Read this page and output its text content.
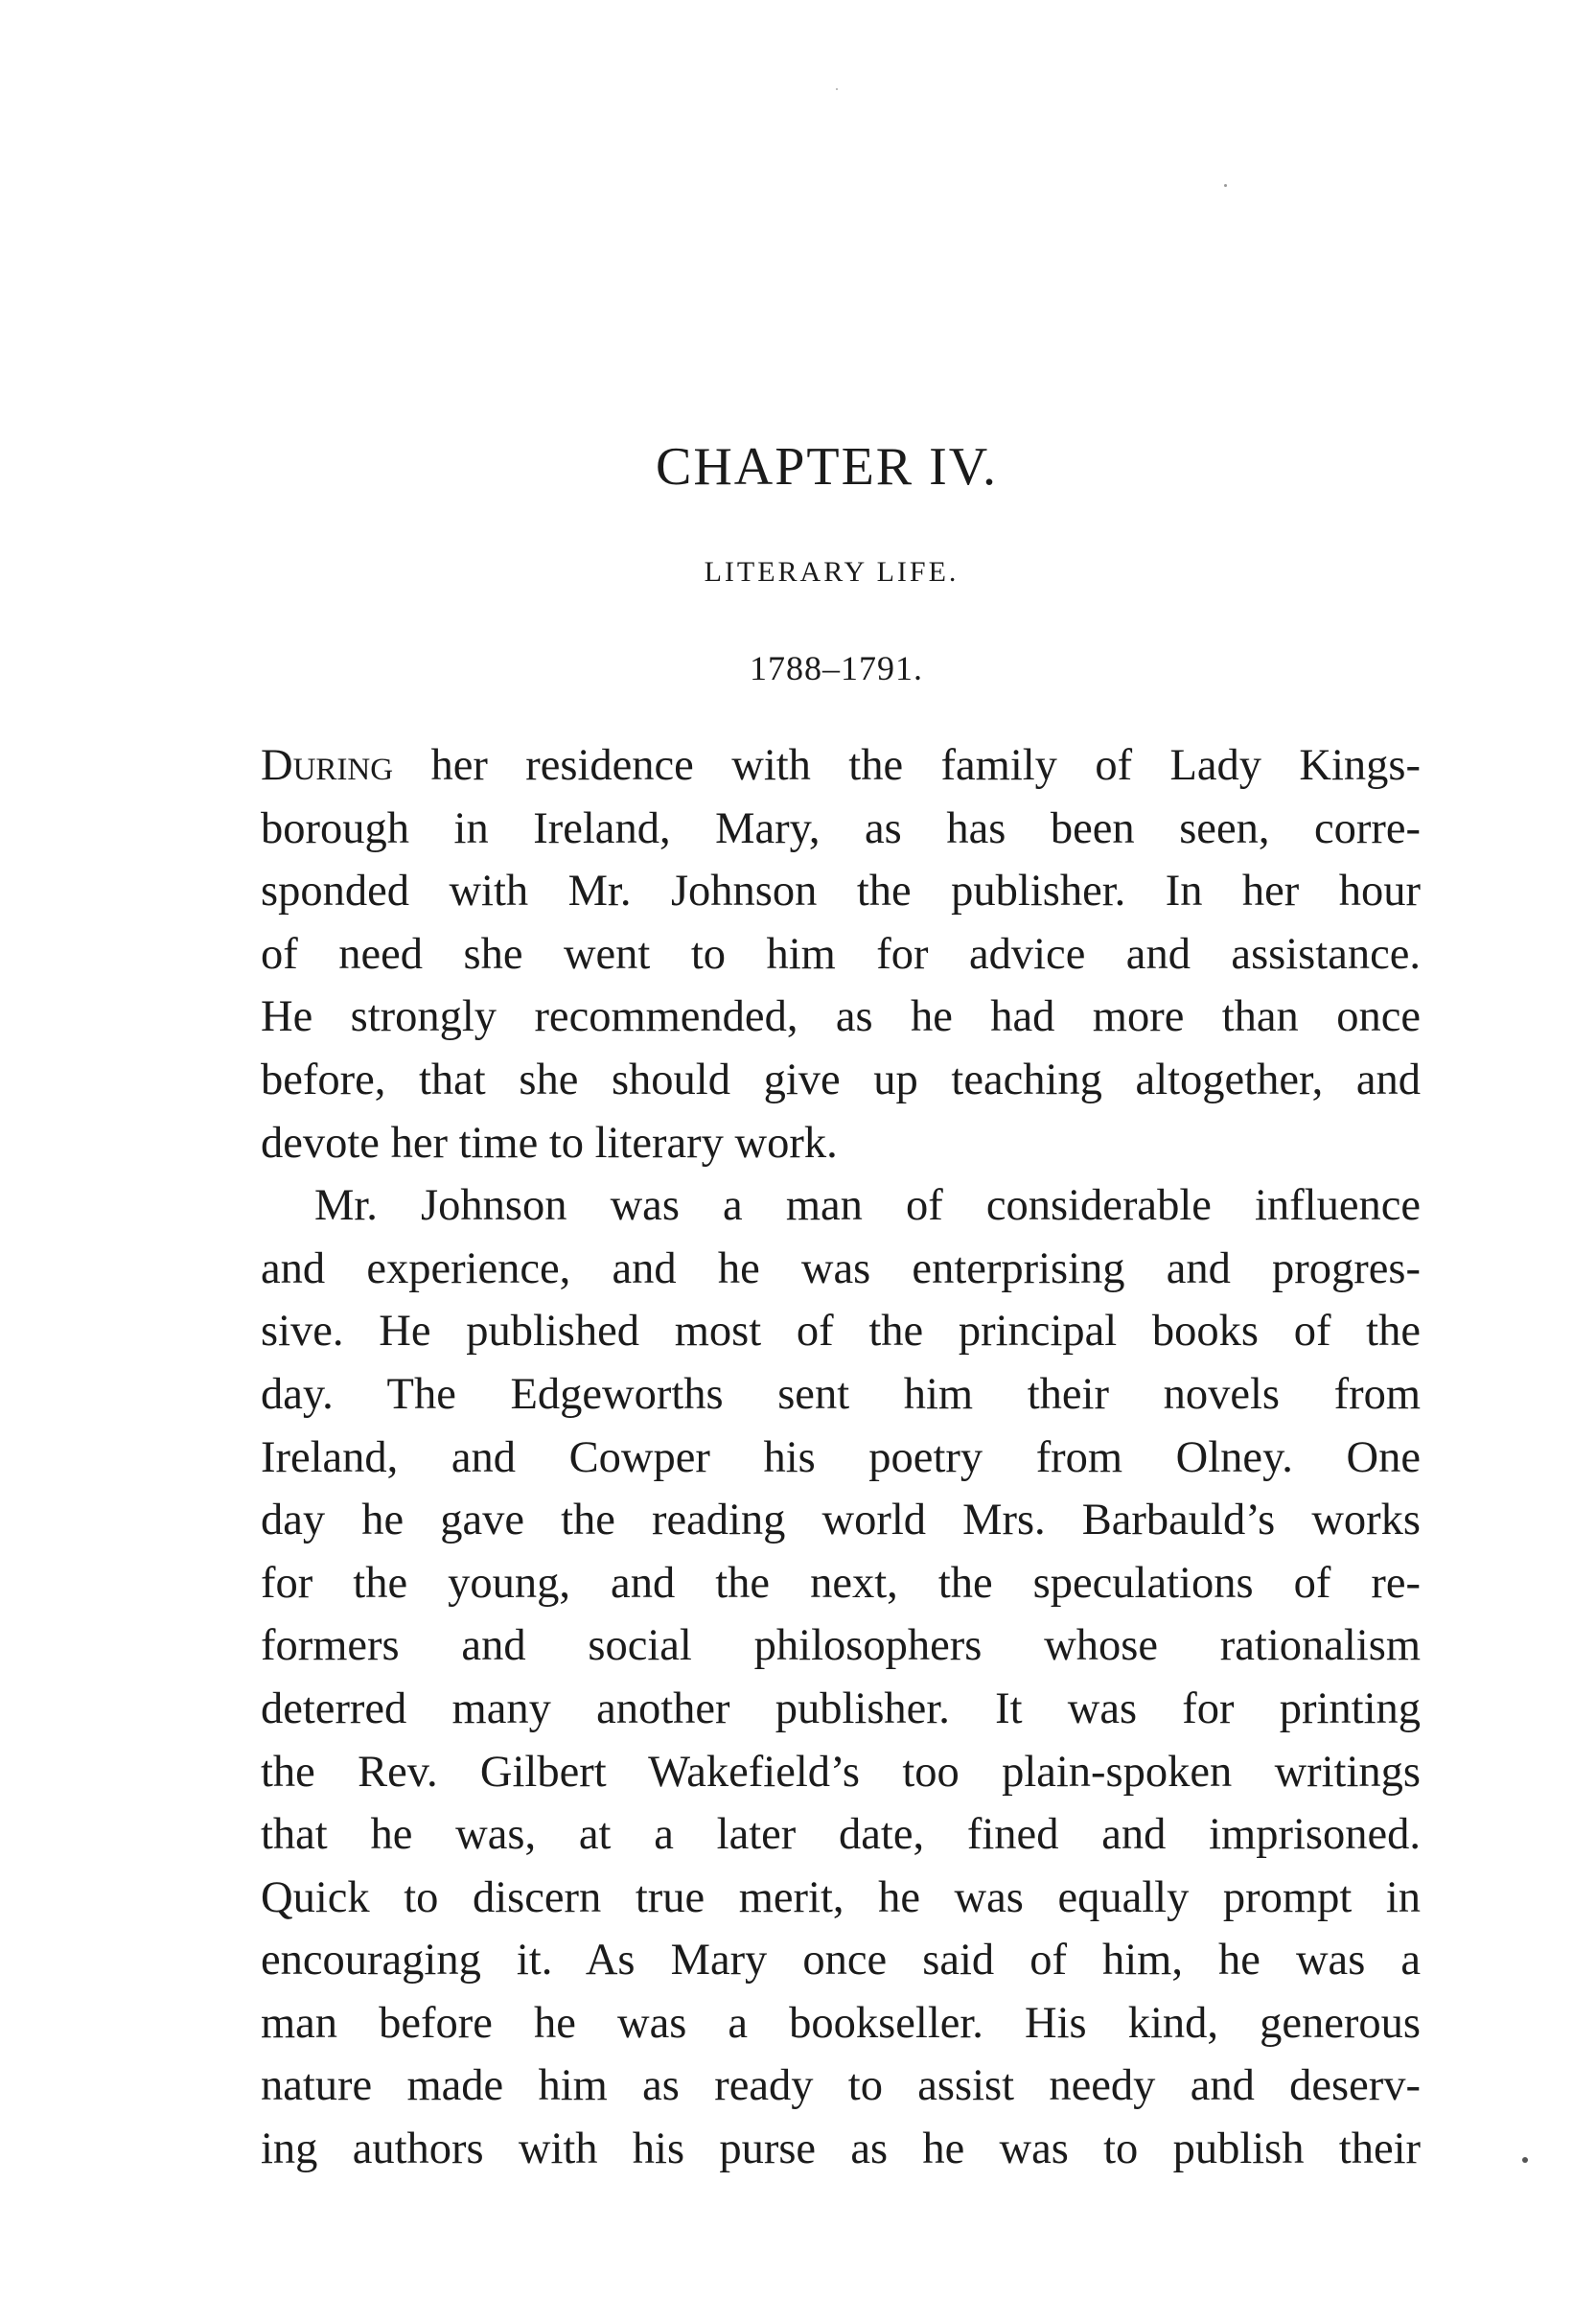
CHAPTER IV.
LITERARY LIFE.
1788–1791.
During her residence with the family of Lady Kings-
borough in Ireland, Mary, as has been seen, corre-
sponded with Mr. Johnson the publisher. In her hour
of need she went to him for advice and assistance.
He strongly recommended, as he had more than once
before, that she should give up teaching altogether, and
devote her time to literary work.
Mr. Johnson was a man of considerable influence
and experience, and he was enterprising and progres-
sive. He published most of the principal books of the
day. The Edgeworths sent him their novels from
Ireland, and Cowper his poetry from Olney. One
day he gave the reading world Mrs. Barbauld’s works
for the young, and the next, the speculations of re-
formers and social philosophers whose rationalism
deterred many another publisher. It was for printing
the Rev. Gilbert Wakefield’s too plain-spoken writings
that he was, at a later date, fined and imprisoned.
Quick to discern true merit, he was equally prompt in
encouraging it. As Mary once said of him, he was a
man before he was a bookseller. His kind, generous
nature made him as ready to assist needy and deserv-
ing authors with his purse as he was to publish their
